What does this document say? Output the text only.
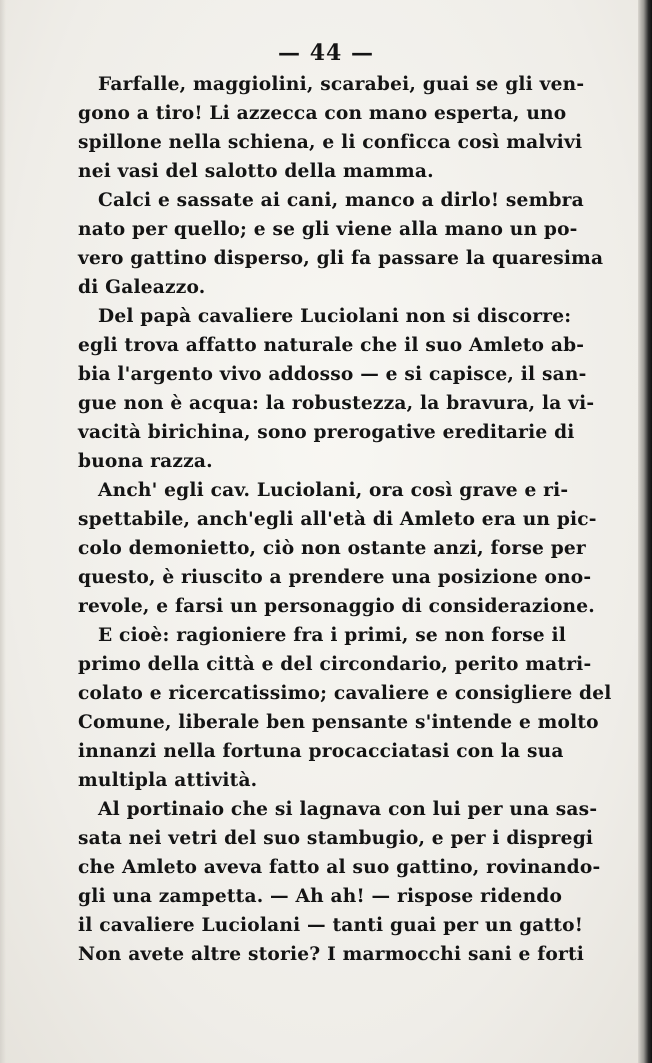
— 44 —
Farfalle, maggiolini, scarabei, guai se gli ven-
gono a tiro! Li azzecca con mano esperta, uno
spillone nella schiena, e li conficca così malvivi
nei vasi del salotto della mamma.
Calci e sassate ai cani, manco a dirlo! sembra
nato per quello; e se gli viene alla mano un po-
vero gattino disperso, gli fa passare la quaresima
di Galeazzo.
Del papà cavaliere Luciolani non si discorre:
egli trova affatto naturale che il suo Amleto ab-
bia l'argento vivo addosso — e si capisce, il san-
gue non è acqua: la robustezza, la bravura, la vi-
vacità birichina, sono prerogative ereditarie di
buona razza.
Anch' egli cav. Luciolani, ora così grave e ri-
spettabile, anch'egli all'età di Amleto era un pic-
colo demonietto, ciò non ostante anzi, forse per
questo, è riuscito a prendere una posizione ono-
revole, e farsi un personaggio di considerazione.
E cioè: ragioniere fra i primi, se non forse il
primo della città e del circondario, perito matri-
colato e ricercatissimo; cavaliere e consigliere del
Comune, liberale ben pensante s'intende e molto
innanzi nella fortuna procacciatasi con la sua
multipla attività.
Al portinaio che si lagnava con lui per una sas-
sata nei vetri del suo stambugio, e per i dispregi
che Amleto aveva fatto al suo gattino, rovinando-
gli una zampetta. — Ah ah! — rispose ridendo
il cavaliere Luciolani — tanti guai per un gatto!
Non avete altre storie? I marmocchi sani e forti
